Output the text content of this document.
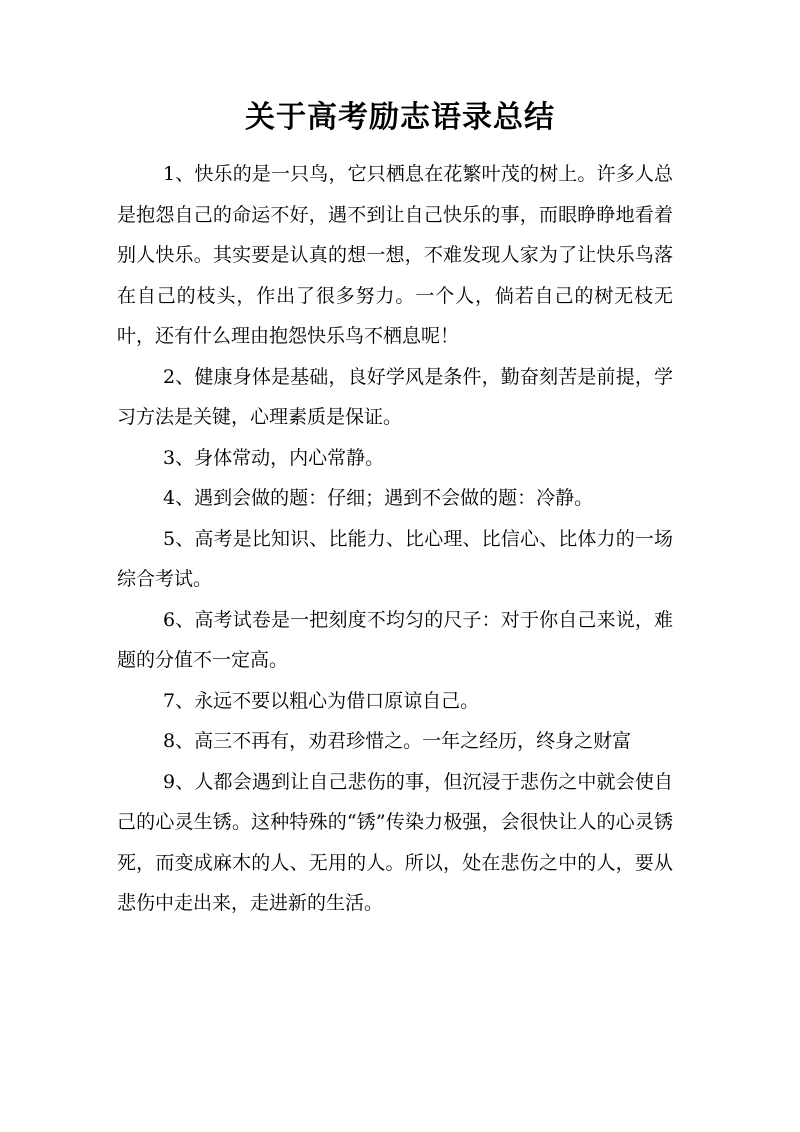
关于高考励志语录总结

1、快乐的是一只鸟，它只栖息在花繁叶茂的树上。许多人总是抱怨自己的命运不好，遇不到让自己快乐的事，而眼睁睁地看着别人快乐。其实要是认真的想一想，不难发现人家为了让快乐鸟落在自己的枝头，作出了很多努力。一个人，倘若自己的树无枝无叶，还有什么理由抱怨快乐鸟不栖息呢！

2、健康身体是基础，良好学风是条件，勤奋刻苦是前提，学习方法是关键，心理素质是保证。

3、身体常动，内心常静。

4、遇到会做的题：仔细；遇到不会做的题：冷静。

5、高考是比知识、比能力、比心理、比信心、比体力的一场综合考试。

6、高考试卷是一把刻度不均匀的尺子：对于你自己来说，难题的分值不一定高。

7、永远不要以粗心为借口原谅自己。

8、高三不再有，劝君珍惜之。一年之经历，终身之财富

9、人都会遇到让自己悲伤的事，但沉浸于悲伤之中就会使自己的心灵生锈。这种特殊的“锈”传染力极强，会很快让人的心灵锈死，而变成麻木的人、无用的人。所以，处在悲伤之中的人，要从悲伤中走出来，走进新的生活。
